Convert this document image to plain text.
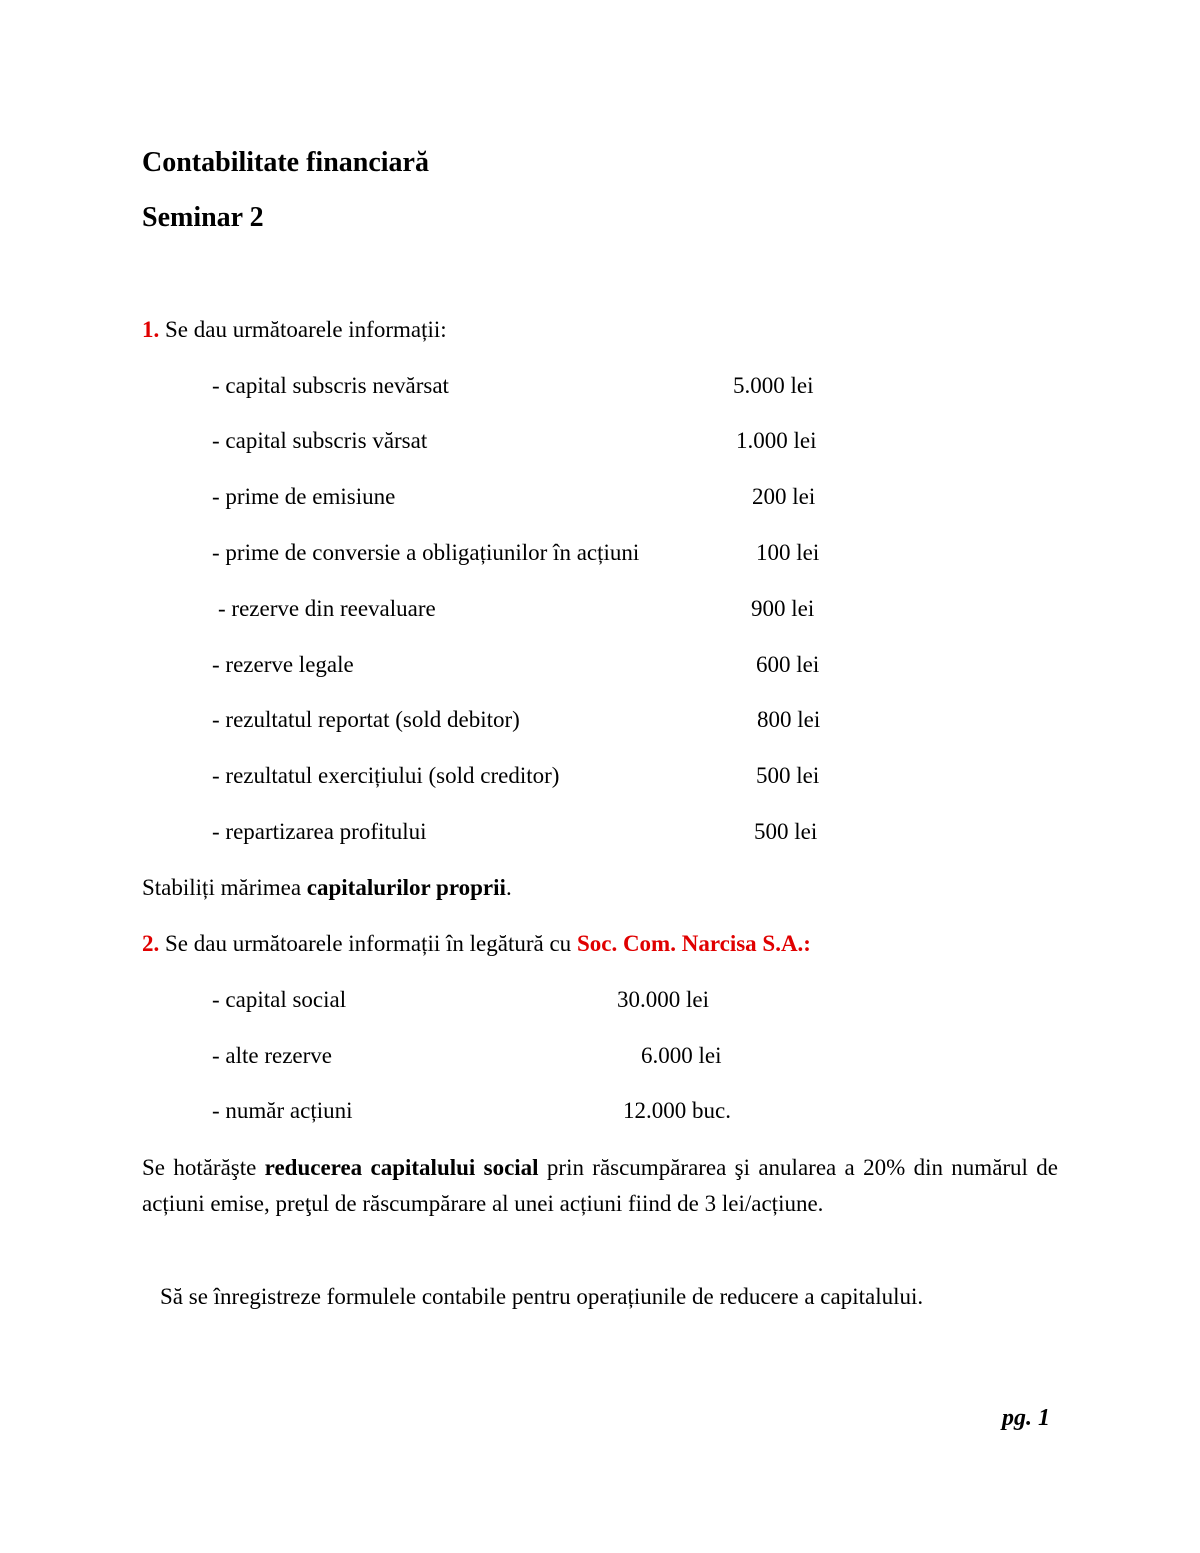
Contabilitate financiară
Seminar 2
1. Se dau următoarele informații:
- capital subscris nevărsat	5.000 lei
- capital subscris vărsat	1.000 lei
- prime de emisiune	200 lei
- prime de conversie a obligațiunilor în acțiuni	100 lei
- rezerve din reevaluare	900 lei
- rezerve legale	600 lei
- rezultatul reportat (sold debitor)	800 lei
- rezultatul exercițiului (sold creditor)	500 lei
- repartizarea profitului	500 lei
Stabiliți mărimea capitalurilor proprii.
2. Se dau următoarele informații în legătură cu Soc. Com. Narcisa S.A.:
- capital social	30.000 lei
- alte rezerve	6.000 lei
- număr acțiuni	12.000 buc.
Se hotărăşte reducerea capitalului social prin răscumpărarea şi anularea a 20% din numărul de acțiuni emise, preţul de răscumpărare al unei acțiuni fiind de 3 lei/acțiune.
Să se înregistreze formulele contabile pentru operațiunile de reducere a capitalului.
pg. 1
